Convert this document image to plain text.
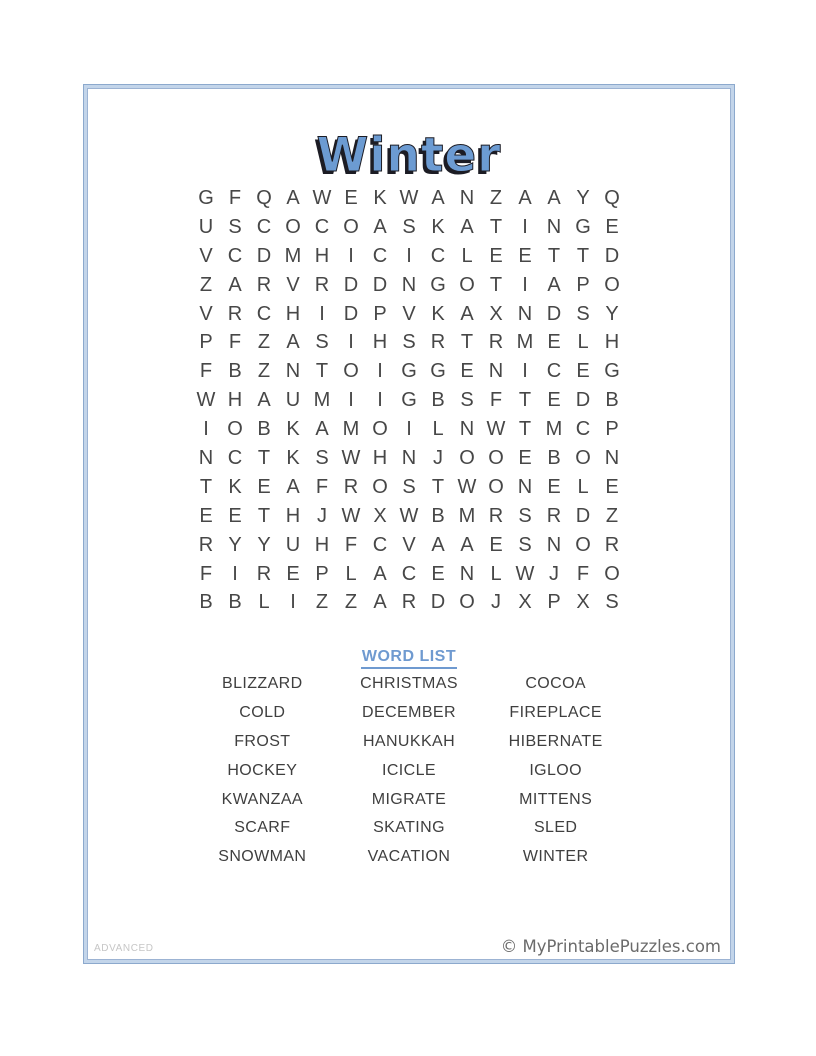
Winter
G F Q A W E K W A N Z A A Y Q
U S C O C O A S K A T	I N G E
V C D M H I C I C L E E T T D
Z A R V R D D N G O T	I A P O
V R C H I D P V K A X N D S Y
P F Z A S I H S R T R M E L H
F B Z N T O I G G E N I C E G
W H A U M I	I G B S F T E D B
I O B K A M O I	L N W T M C P
N C T K S W H N J O O E B O N
T K E A F R O S T W O N E L E
E E T H J W X W B M R S R D Z
R Y Y U H F C V A A E S N O R
F	I R E P L A C E N L W J F O
B B L	I	Z Z A R D O J X P X S
WORD LIST
BLIZZARD	CHRISTMAS	COCOA
COLD	DECEMBER	FIREPLACE
FROST	HANUKKAH	HIBERNATE
HOCKEY	ICICLE	IGLOO
KWANZAA	MIGRATE	MITTENS
SCARF	SKATING	SLED
SNOWMAN	VACATION	WINTER
ADVANCED	© MyPrintablePuzzles.com
